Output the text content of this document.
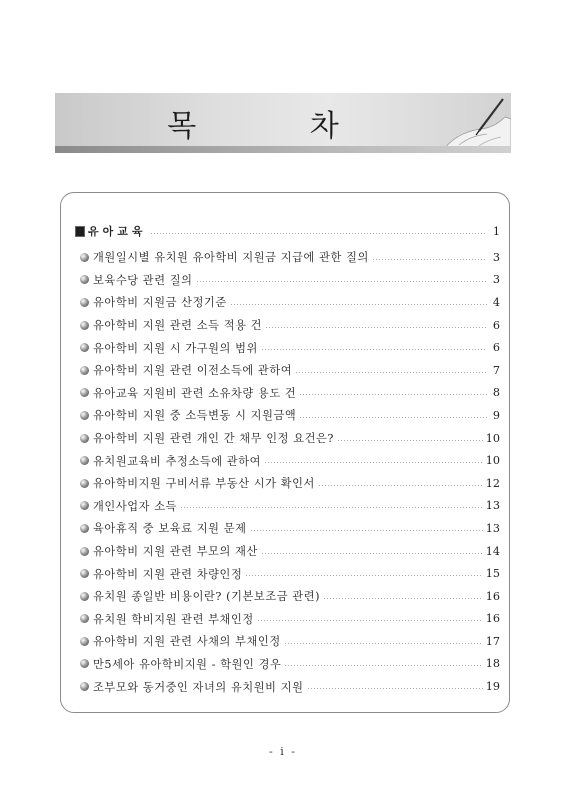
목 차
유아교육	1
개원일시별 유치원 유아학비 지원금 지급에 관한 질의	3
보육수당 관련 질의	3
유아학비 지원금 산정기준	4
유아학비 지원 관련 소득 적용 건	6
유아학비 지원 시 가구원의 범위	6
유아학비 지원 관련 이전소득에 관하여	7
유아교육 지원비 관련 소유차량 용도 건	8
유아학비 지원 중 소득변동 시 지원금액	9
유아학비 지원 관련 개인 간 채무 인정 요건은?	10
유치원교육비 추정소득에 관하여	10
유아학비지원 구비서류 부동산 시가 확인서	12
개인사업자 소득	13
육아휴직 중 보육료 지원 문제	13
유아학비 지원 관련 부모의 재산	14
유아학비 지원 관련 차량인정	15
유치원 종일반 비용이란? (기본보조금 관련)	16
유치원 학비지원 관련 부채인정	16
유아학비 지원 관련 사채의 부채인정	17
만5세아 유아학비지원 - 학원인 경우	18
조부모와 동거중인 자녀의 유치원비 지원	19
- i -
